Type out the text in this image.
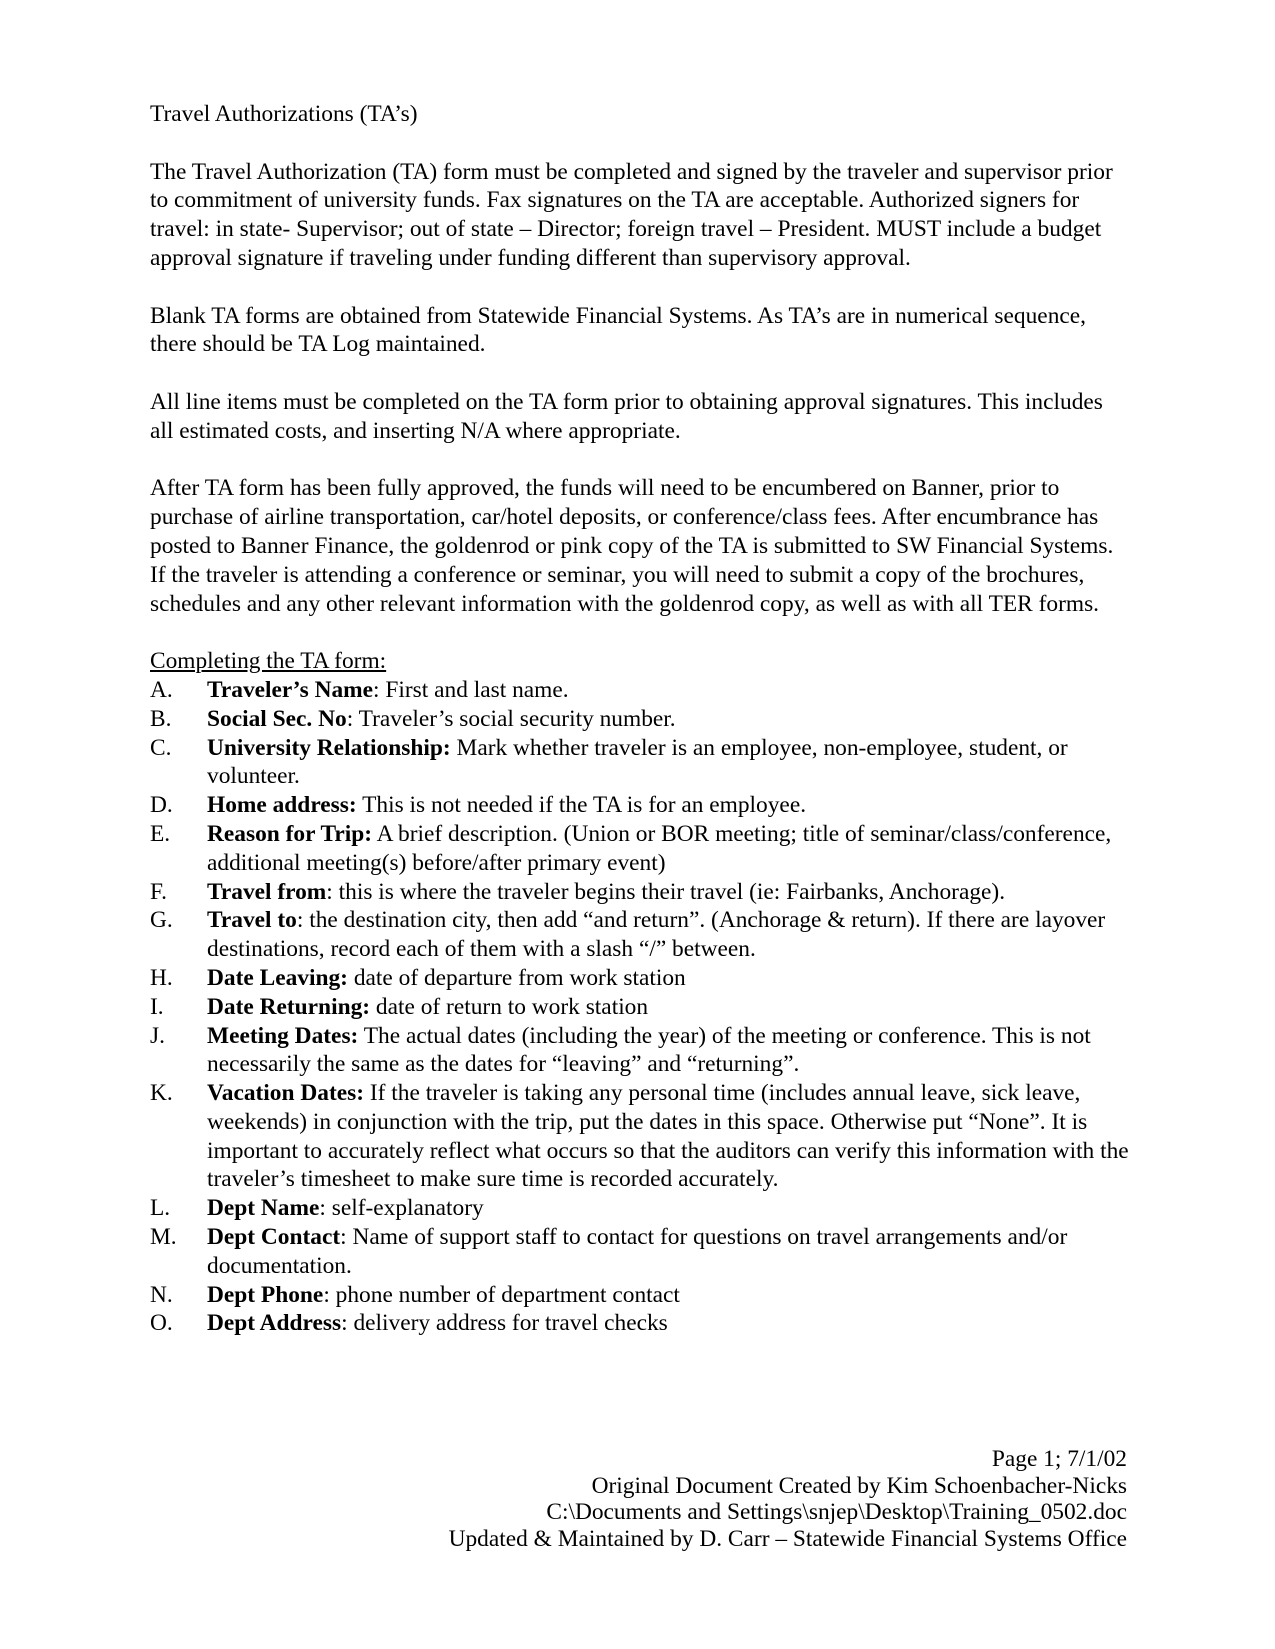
Travel Authorizations (TA’s)

The Travel Authorization (TA) form must be completed and signed by the traveler and supervisor prior to commitment of university funds. Fax signatures on the TA are acceptable. Authorized signers for travel: in state- Supervisor; out of state – Director; foreign travel – President. MUST include a budget approval signature if traveling under funding different than supervisory approval.

Blank TA forms are obtained from Statewide Financial Systems. As TA’s are in numerical sequence, there should be TA Log maintained.

All line items must be completed on the TA form prior to obtaining approval signatures. This includes all estimated costs, and inserting N/A where appropriate.

After TA form has been fully approved, the funds will need to be encumbered on Banner, prior to purchase of airline transportation, car/hotel deposits, or conference/class fees. After encumbrance has posted to Banner Finance, the goldenrod or pink copy of the TA is submitted to SW Financial Systems. If the traveler is attending a conference or seminar, you will need to submit a copy of the brochures, schedules and any other relevant information with the goldenrod copy, as well as with all TER forms.

Completing the TA form:

A.	Traveler’s Name: First and last name.
B.	Social Sec. No: Traveler’s social security number.
C.	University Relationship: Mark whether traveler is an employee, non-employee, student, or volunteer.
D.	Home address: This is not needed if the TA is for an employee.
E.	Reason for Trip: A brief description. (Union or BOR meeting; title of seminar/class/conference, additional meeting(s) before/after primary event)
F.	Travel from: this is where the traveler begins their travel (ie: Fairbanks, Anchorage).
G.	Travel to: the destination city, then add “and return”. (Anchorage & return). If there are layover destinations, record each of them with a slash “/” between.
H.	Date Leaving: date of departure from work station
I.	Date Returning: date of return to work station
J.	Meeting Dates: The actual dates (including the year) of the meeting or conference. This is not necessarily the same as the dates for “leaving” and “returning”.
K.	Vacation Dates: If the traveler is taking any personal time (includes annual leave, sick leave, weekends) in conjunction with the trip, put the dates in this space. Otherwise put “None”. It is important to accurately reflect what occurs so that the auditors can verify this information with the traveler’s timesheet to make sure time is recorded accurately.
L.	Dept Name: self-explanatory
M.	Dept Contact: Name of support staff to contact for questions on travel arrangements and/or documentation.
N.	Dept Phone: phone number of department contact
O.	Dept Address: delivery address for travel checks
Page 1; 7/1/02
Original Document Created by Kim Schoenbacher-Nicks
C:\Documents and Settings\snjep\Desktop\Training_0502.doc
Updated & Maintained by D. Carr – Statewide Financial Systems Office
